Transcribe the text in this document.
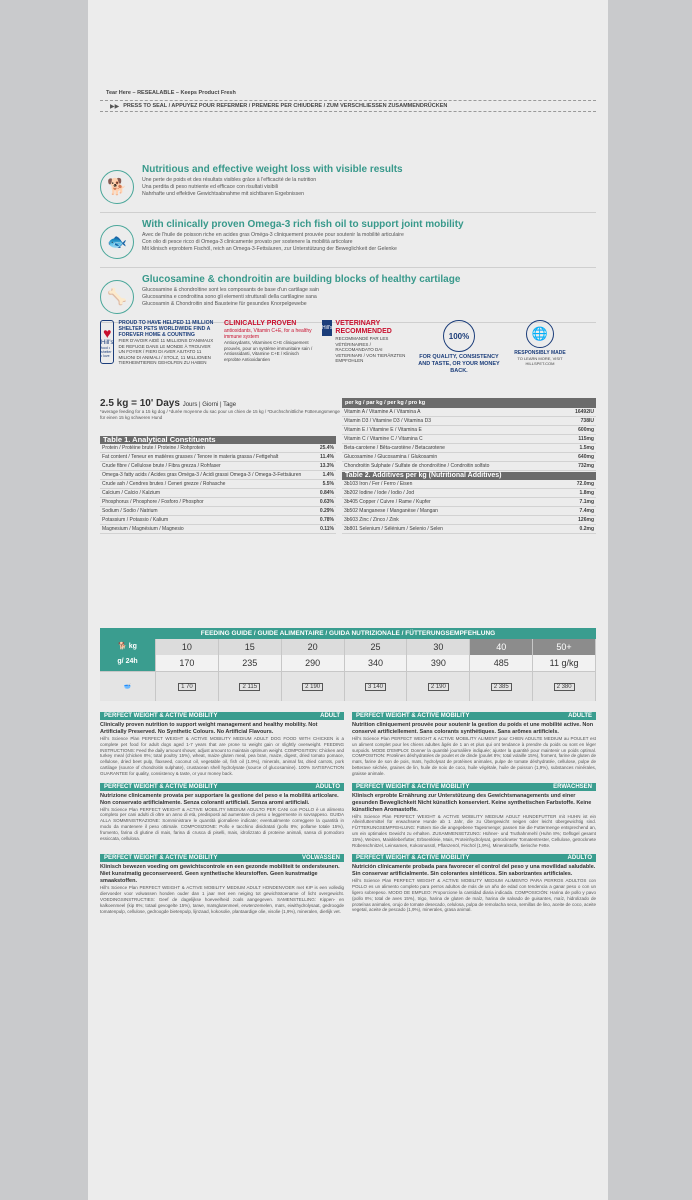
Tear Here – RESEALABLE – Keeps Product Fresh
▶▶ PRESS TO SEAL / APPUYEZ POUR REFERMER / PREMERE PER CHIUDERE / ZUM VERSCHLIESSEN ZUSAMMENDRÜCKEN
🐕
Nutritious and effective weight loss with visible results
Une perte de poids et des résultats visibles grâce à l'efficacité de la nutrition
Una perdita di peso nutriente ed efficace con risultati visibili
Nahrhafte und effektive Gewichtsabnahme mit sichtbaren Ergebnissen
🐟
With clinically proven Omega-3 rich fish oil to support joint mobility
Avec de l'huile de poisson riche en acides gras Oméga-3 cliniquement prouvée pour soutenir la mobilité articulaire
Con olio di pesce ricco di Omega-3 clinicamente provato per sostenere la mobilità articolare
Mit klinisch erprobtem Fischöl, reich an Omega-3-Fettsäuren, zur Unterstützung der Beweglichkeit der Gelenke
🦴
Glucosamine & chondroitin are building blocks of healthy cartilage
Glucosamine & chondroïtine sont les composants de base d'un cartilage sain
Glucosamina e condroitina sono gli elementi strutturali della cartilagine sana
Glucosamin & Chondroitin sind Bausteine für gesundes Knorpelgewebe
♥
Hill's
food • shelter • love
PROUD TO HAVE HELPED 11 MILLION SHELTER PETS WORLDWIDE FIND A FOREVER HOME & COUNTING
FIER D'AVOIR AIDÉ 11 MILLIONS D'ANIMAUX DE REFUGE DANS LE MONDE À TROUVER UN FOYER / FIERI DI AVER AIUTATO 11 MILIONI DI ANIMALI / STOLZ, 11 MILLIONEN TIERHEIMTIEREN GEHOLFEN ZU HABEN
CLINICALLY PROVEN
antioxidants, Vitamin C+E, for a healthy immune system
Antioxydants, Vitamines C+E cliniquement prouvés, pour un système immunitaire sain / Antiossidanti, Vitamine C+E / Klinisch erprobte Antioxidantien
Hill's
VETERINARY RECOMMENDED
RECOMMANDÉ PAR LES VÉTÉRINAIRES / RACCOMANDATO DAI VETERINARI / VON TIERÄRZTEN EMPFOHLEN
100%
FOR QUALITY, CONSISTENCY AND TASTE, OR YOUR MONEY BACK.
🌐
RESPONSIBLY MADE
TO LEARN MORE, VISIT HILLSPET.COM
2.5 kg = 10' Days Jours | Giorni | Tage
*average feeding for a 15 kg dog / *durée moyenne du sac pour un chien de 15 kg / *Durchschnittliche Fütterungsmenge für einen 15 kg schweren Hund
Table 1. Analytical Constituents
Protein / Protéine brute / Proteine / Rohprotein	25.4%
Fat content / Teneur en matières grasses / Tenore in materia grassa / Fettgehalt	11.4%
Crude fibre / Cellulose brute / Fibra grezza / Rohfaser	13.3%
Omega-3 fatty acids / Acides gras Oméga-3 / Acidi grassi Omega-3 / Omega-3-Fettsäuren	1.4%
Crude ash / Cendres brutes / Ceneri grezze / Rohasche	5.5%
Calcium / Calcio / Kalzium	0.84%
Phosphorus / Phosphore / Fosforo / Phosphor	0.63%
Sodium / Sodio / Natrium	0.29%
Potassium / Potassio / Kalium	0.78%
Magnesium / Magnésium / Magnesio	0.11%
per kg / par kg / per kg / pro kg
Vitamin A / Vitamine A / Vitamina A	16492IU
Vitamin D3 / Vitamine D3 / Vitamina D3	738IU
Vitamin E / Vitamine E / Vitamina E	600mg
Vitamin C / Vitamine C / Vitamina C	115mg
Beta-carotene / Bêta-carotène / Betacarotene	1.5mg
Glucosamine / Glucosamina / Glukosamin	640mg
Chondroitin Sulphate / Sulfate de chondroïtine / Condroitin solfato	732mg
Table 2. Additives per kg (Nutritional Additives)
3b103 Iron / Fer / Ferro / Eisen	72.0mg
3b202 Iodine / Iode / Iodio / Jod	1.8mg
3b405 Copper / Cuivre / Rame / Kupfer	7.1mg
3b502 Manganese / Manganèse / Mangan	7.4mg
3b603 Zinc / Zinco / Zink	126mg
3b801 Selenium / Sélénium / Selenio / Selen	0.2mg
FEEDING GUIDE / GUIDE ALIMENTAIRE / GUIDA NUTRIZIONALE / FÜTTERUNGSEMPFEHLUNG
🐕 kg	10	15	20	25	30	40	50+
g/ 24h	170	235	290	340	390	485	11 g/kg
🥣	1 70	2 115	2 190	3 140	2 190	2 385	2 380
PERFECT WEIGHT & ACTIVE MOBILITY	ADULT
Clinically proven nutrition to support weight management and healthy mobility. Not Artificially Preserved. No Synthetic Colours. No Artificial Flavours.
Hill's Science Plan PERFECT WEIGHT & ACTIVE MOBILITY MEDIUM ADULT DOG FOOD WITH CHICKEN is a complete pet food for adult dogs aged 1-7 years that are prone to weight gain or slightly overweight. FEEDING INSTRUCTIONS: Feed the daily amount shown; adjust amount to maintain optimum weight. COMPOSITION: Chicken and turkey meal (chicken 8%; total poultry 15%), wheat, maize gluten meal, pea bran, maize, digest, dried tomato pomace, cellulose, dried beet pulp, flaxseed, coconut oil, vegetable oil, fish oil (1.9%), minerals, animal fat, dried carrots, pork cartilage (source of chondroitin sulphate), crustacean shell hydrolysate (source of glucosamine). 100% SATISFACTION GUARANTEE for quality, consistency & taste, or your money back.
PERFECT WEIGHT & ACTIVE MOBILITY	ADULTE
Nutrition cliniquement prouvée pour soutenir la gestion du poids et une mobilité active. Non conservé artificiellement. Sans colorants synthétiques. Sans arômes artificiels.
Hill's Science Plan PERFECT WEIGHT & ACTIVE MOBILITY ALIMENT pour CHIEN ADULTE MEDIUM au POULET est un aliment complet pour les chiens adultes âgés de 1 an et plus qui ont tendance à prendre du poids ou sont en léger surpoids. MODE D'EMPLOI: Donner la quantité journalière indiquée; ajuster la quantité pour maintenir un poids optimal. COMPOSITION: Protéines déshydratées de poulet et de dinde (poulet 8%; total volaille 15%), froment, farine de gluten de maïs, farine de son de pois, maïs, hydrolysat de protéines animales, pulpe de tomate déshydratée, cellulose, pulpe de betterave séchée, graines de lin, huile de noix de coco, huile végétale, huile de poisson (1,9%), substances minérales, graisse animale.
PERFECT WEIGHT & ACTIVE MOBILITY	ADULTO
Nutrizione clinicamente provata per supportare la gestione del peso e la mobilità articolare. Non conservato artificialmente. Senza coloranti artificiali. Senza aromi artificiali.
Hill's Science Plan PERFECT WEIGHT & ACTIVE MOBILITY MEDIUM ADULTO PER CANI con POLLO è un alimento completo per cani adulti di oltre un anno di età, predisposti ad aumentare di peso o leggermente in sovrappeso. GUIDA ALLA SOMMINISTRAZIONE: Somministrare le quantità giornaliere indicate; eventualmente correggere la quantità in modo da mantenere il peso ottimale. COMPOSIZIONE: Pollo e tacchino disidratati (pollo 8%; pollame totale 15%), frumento, farina di glutine di mais, farina di crusca di piselli, mais, idrolizzato di proteine animali, sansa di pomodoro essiccata, cellulosa.
PERFECT WEIGHT & ACTIVE MOBILITY	ERWACHSEN
Klinisch erprobte Ernährung zur Unterstützung des Gewichtsmanagements und einer gesunden Beweglichkeit Nicht künstlich konserviert. Keine synthetischen Farbstoffe. Keine künstlichen Aromastoffe.
Hill's Science Plan PERFECT WEIGHT & ACTIVE MOBILITY MEDIUM ADULT HUNDEFUTTER mit HUHN ist ein Alleinfuttermittel für erwachsene Hunde ab 1 Jahr, die zu Übergewicht neigen oder leicht übergewichtig sind. FÜTTERUNGSEMPFEHLUNG: Füttern Sie die angegebene Tagesmenge; passen Sie die Futtermenge entsprechend an, um ein optimales Gewicht zu erhalten. ZUSAMMENSETZUNG: Hühner- und Truthahnmehl (Huhn 8%; Geflügel gesamt 15%), Weizen, Maiskleberfutter, Erbsenkleie, Mais, Proteinhydrolysat, getrockneter Tomatentrester, Cellulose, getrocknete Rübenschnitzel, Leinsamen, Kokosnussöl, Pflanzenöl, Fischöl (1,9%), Mineralstoffe, tierische Fette.
PERFECT WEIGHT & ACTIVE MOBILITY	VOLWASSEN
Klinisch bewezen voeding om gewichtscontrole en een gezonde mobiliteit te ondersteunen. Niet kunstmatig geconserveerd. Geen synthetische kleurstoffen. Geen kunstmatige smaakstoffen.
Hill's Science Plan PERFECT WEIGHT & ACTIVE MOBILITY MEDIUM ADULT HONDENVOER met KIP is een volledig diervoeder voor volwassen honden ouder dan 1 jaar met een neiging tot gewichtstoename of licht overgewicht. VOEDINGSINSTRUCTIES: Geef de dagelijkse hoeveelheid zoals aangegeven. SAMENSTELLING: Kippen- en kalkoenmeel (kip 8%; totaal gevogelte 15%), tarwe, maïsglutenmeel, erwtenzemelen, maïs, eiwithydrolysaat, gedroogde tomatenpulp, cellulose, gedroogde bietenpulp, lijnzaad, kokosolie, plantaardige olie, visolie (1,9%), mineralen, dierlijk vet.
PERFECT WEIGHT & ACTIVE MOBILITY	ADULTO
Nutrición clínicamente probada para favorecer el control del peso y una movilidad saludable. Sin conservar artificialmente. Sin colorantes sintéticos. Sin saborizantes artificiales.
Hill's Science Plan PERFECT WEIGHT & ACTIVE MOBILITY MEDIUM ALIMENTO PARA PERROS ADULTOS con POLLO es un alimento completo para perros adultos de más de un año de edad con tendencia a ganar peso o con un ligero sobrepeso. MODO DE EMPLEO: Proporcione la cantidad diaria indicada. COMPOSICIÓN: Harina de pollo y pavo (pollo 8%; total de aves 15%), trigo, harina de gluten de maíz, harina de salvado de guisantes, maíz, hidrolizado de proteínas animales, orujo de tomate desecado, celulosa, pulpa de remolacha seca, semillas de lino, aceite de coco, aceite vegetal, aceite de pescado (1,9%), minerales, grasa animal.
